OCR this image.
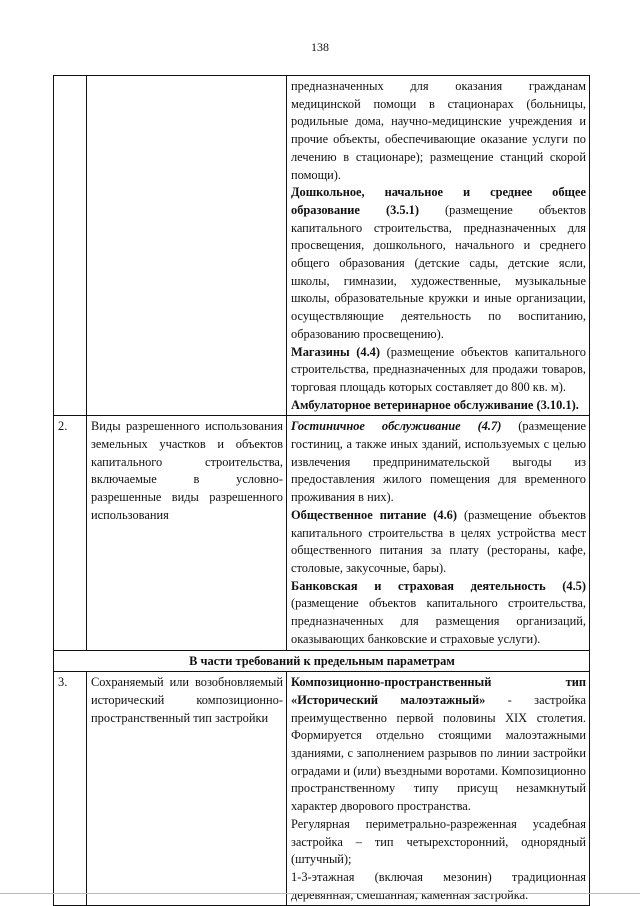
138

		предназначенных для оказания гражданам медицинской помощи в стационарах (больницы, родильные дома, научно-медицинские учреждения и прочие объекты, обеспечивающие оказание услуги по лечению в стационаре); размещение станций скорой помощи).

Дошкольное, начальное и среднее общее образование (3.5.1) (размещение объектов капитального строительства, предназначенных для просвещения, дошкольного, начального и среднего общего образования (детские сады, детские ясли, школы, гимназии, художественные, музыкальные школы, образовательные кружки и иные организации, осуществляющие деятельность по воспитанию, образованию просвещению).

Магазины (4.4) (размещение объектов капитального строительства, предназначенных для продажи товаров, торговая площадь которых составляет до 800 кв. м).

Амбулаторное ветеринарное обслуживание (3.10.1).

2.	Виды разрешенного использования земельных участков и объектов капитального строительства, включаемые в условно-разрешенные виды разрешенного использования	Гостиничное обслуживание (4.7) (размещение гостиниц, а также иных зданий, используемых с целью извлечения предпринимательской выгоды из предоставления жилого помещения для временного проживания в них).

Общественное питание (4.6) (размещение объектов капитального строительства в целях устройства мест общественного питания за плату (рестораны, кафе, столовые, закусочные, бары).

Банковская и страховая деятельность (4.5) (размещение объектов капитального строительства, предназначенных для размещения организаций, оказывающих банковские и страховые услуги).

В части требований к предельным параметрам		
3.	Сохраняемый или возобновляемый исторический композиционно-пространственный тип застройки	Композиционно-пространственный тип «Исторический малоэтажный» - застройка преимущественно первой половины XIX столетия. Формируется отдельно стоящими малоэтажными зданиями, с заполнением разрывов по линии застройки оградами и (или) въездными воротами. Композиционно пространственному типу присущ незамкнутый характер дворового пространства.

Регулярная периметрально-разреженная усадебная застройка – тип четырехсторонний, однорядный (штучный);

1-3-этажная (включая мезонин) традиционная деревянная, смешанная, каменная застройка.
